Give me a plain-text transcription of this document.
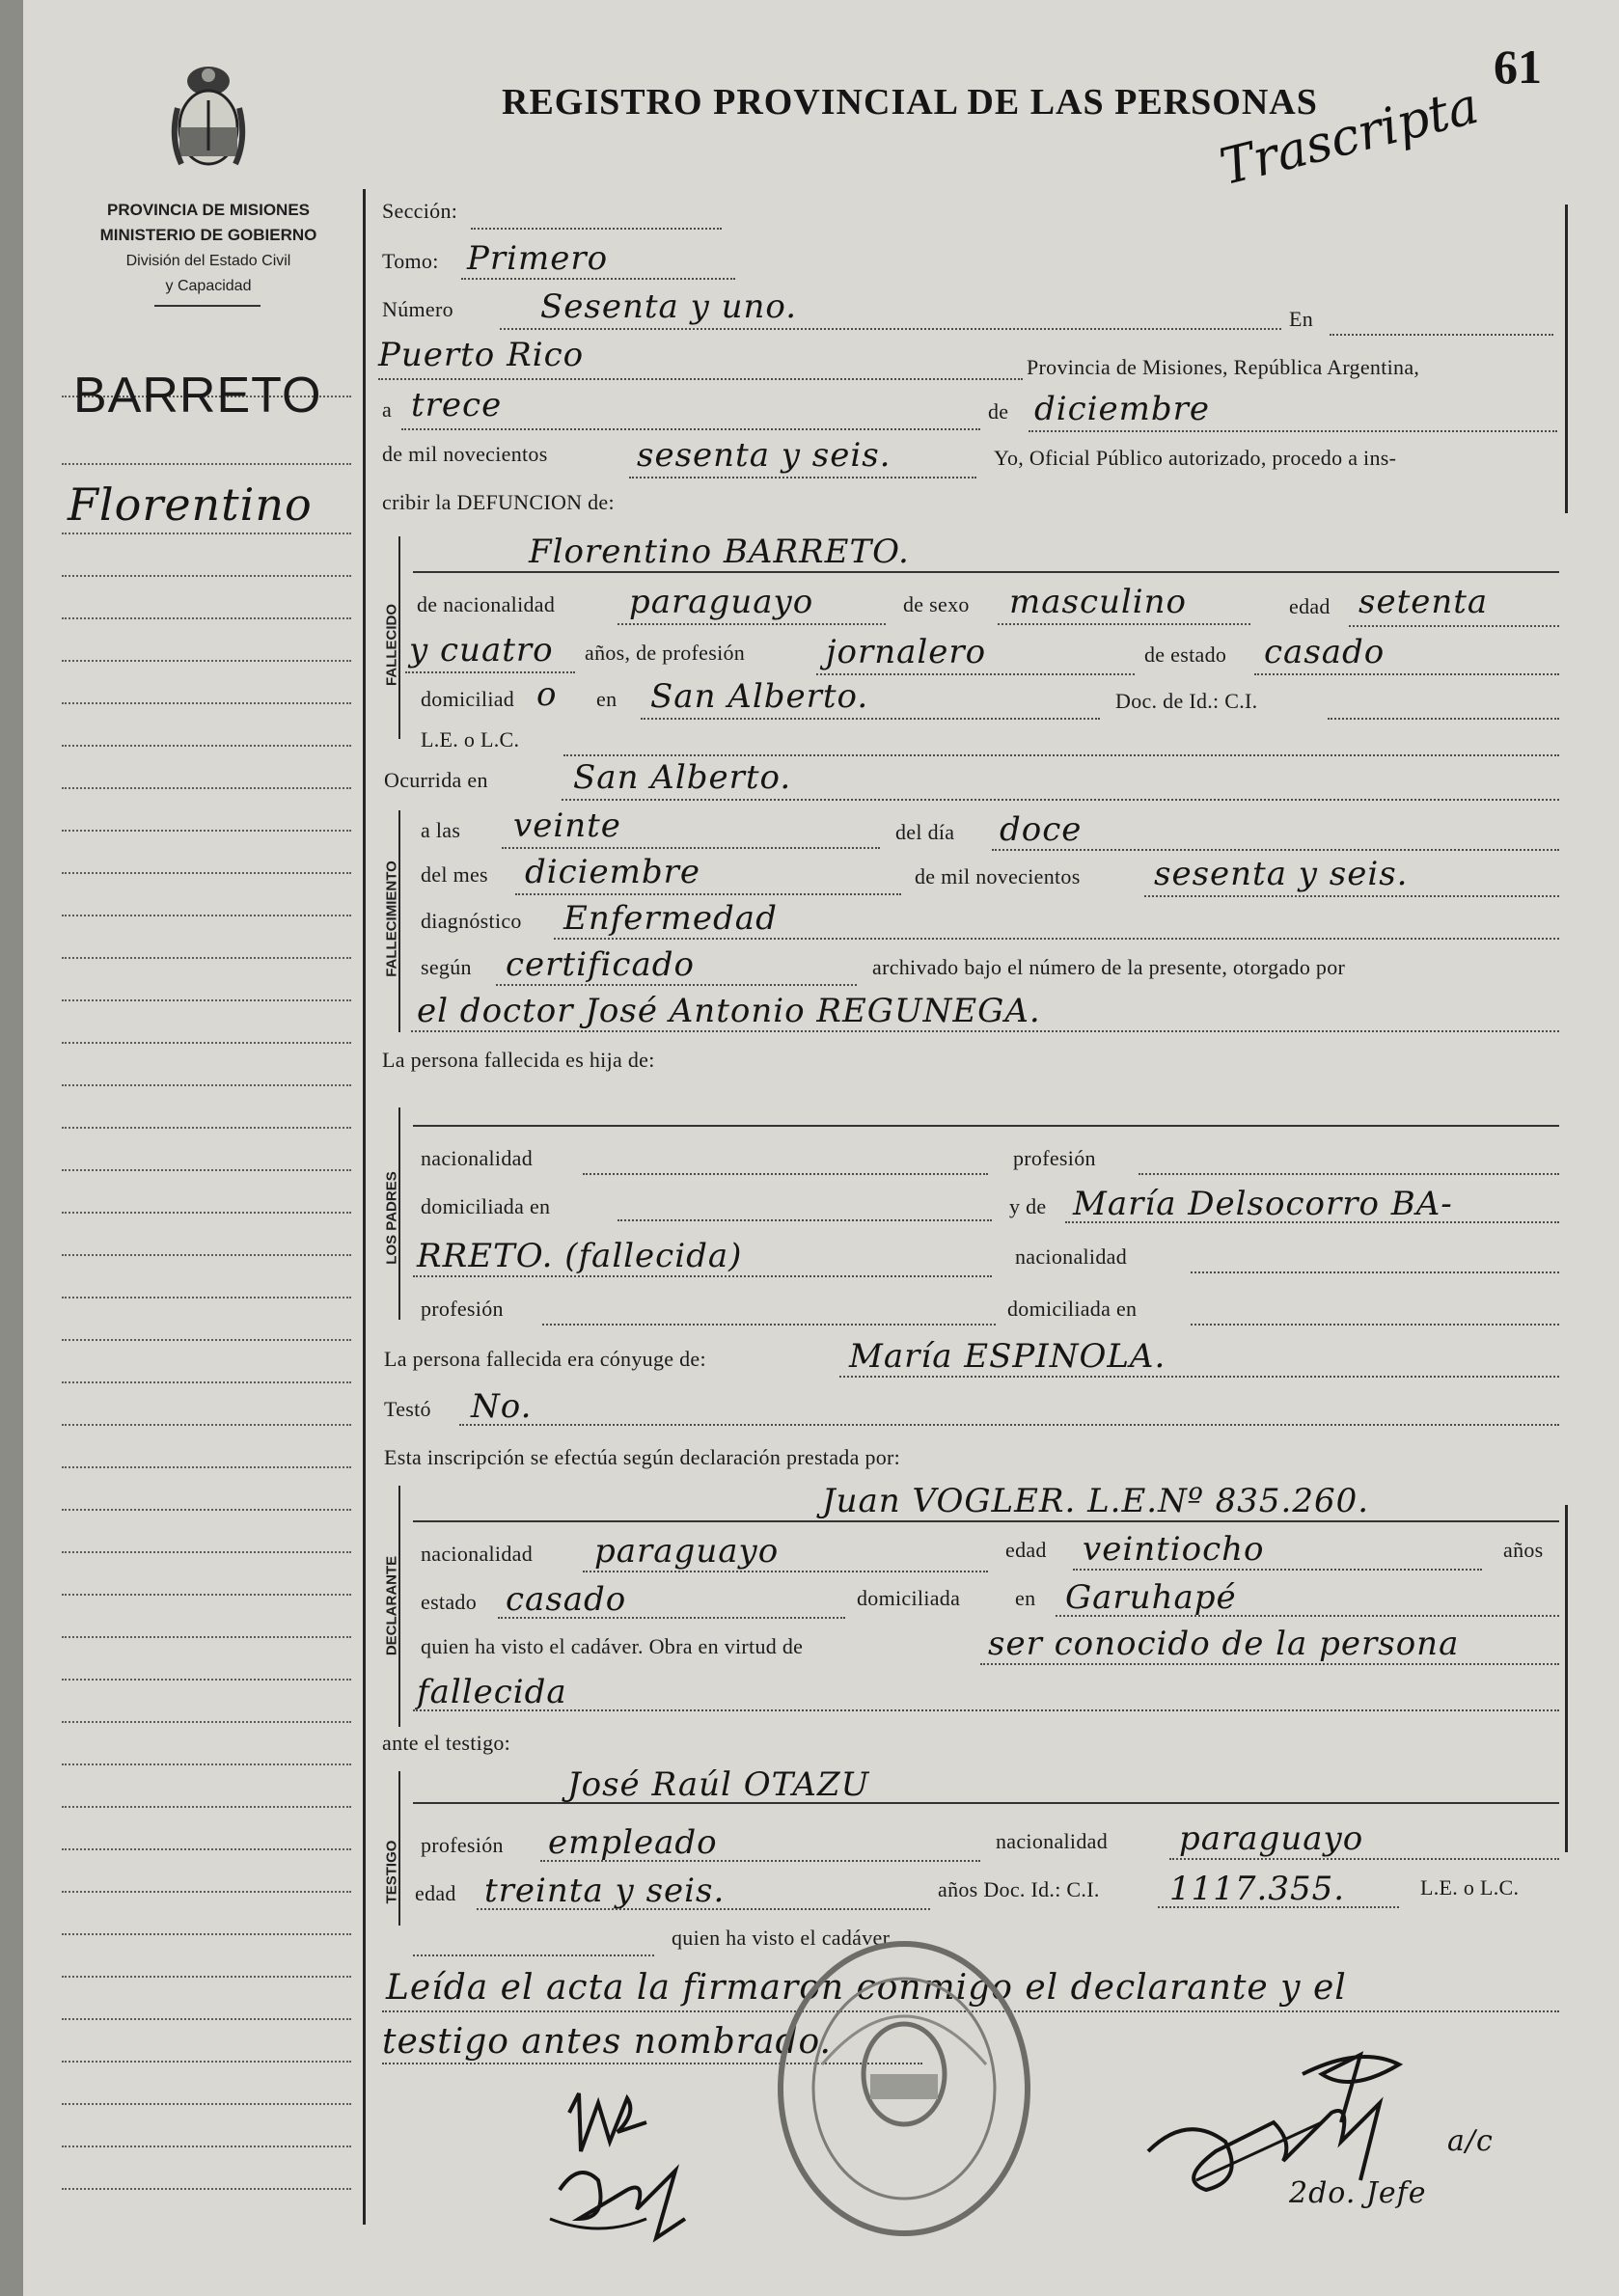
PROVINCIA DE MISIONES
MINISTERIO DE GOBIERNO
División del Estado Civil
y Capacidad
REGISTRO PROVINCIAL DE LAS PERSONAS
61
Trascripta
BARRETO
Florentino
Sección:
Tomo: Primero
Número	Sesenta y uno.	En
Puerto Rico	Provincia de Misiones, República Argentina,
a trece	de diciembre
de mil novecientos	sesenta y seis.	Yo, Oficial Público autorizado, procedo a ins-
cribir la DEFUNCION de:
FALLECIDO
Florentino BARRETO.
de nacionalidad paraguayo	de sexo masculino	edad setenta
y cuatro años, de profesión jornalero	de estado casado
domiciliad o en San Alberto.	Doc. de Id.: C.I.
L.E. o L.C.
Ocurrida en	San Alberto.
FALLECIMIENTO
a las veinte	del día doce
del mes diciembre	de mil novecientos sesenta y seis.
diagnóstico Enfermedad
según certificado	archivado bajo el número de la presente, otorgado por
el doctor José Antonio REGUNEGA.
La persona fallecida es hija de:
LOS PADRES
nacionalidad	profesión
domiciliada en	y de María Delsocorro BA-
RRETO. (fallecida)	nacionalidad
profesión	domiciliada en
La persona fallecida era cónyuge de:	María ESPINOLA.
Testó No.
Esta inscripción se efectúa según declaración prestada por:
DECLARANTE
Juan VOGLER. L.E.Nº 835.260.
nacionalidad paraguayo	edad veintiocho	años
estado casado	domiciliada	en Garuhapé
quien ha visto el cadáver. Obra en virtud de	ser conocido de la persona
fallecida
ante el testigo:
TESTIGO
José Raúl OTAZU
profesión empleado	nacionalidad paraguayo
edad treinta y seis.	años Doc. Id.: C.I. 1117.355.	L.E. o L.C.
quien ha visto el cadáver
Leída el acta la firmaron conmigo el declarante y el
testigo antes nombrado.
a/c
2do. Jefe
